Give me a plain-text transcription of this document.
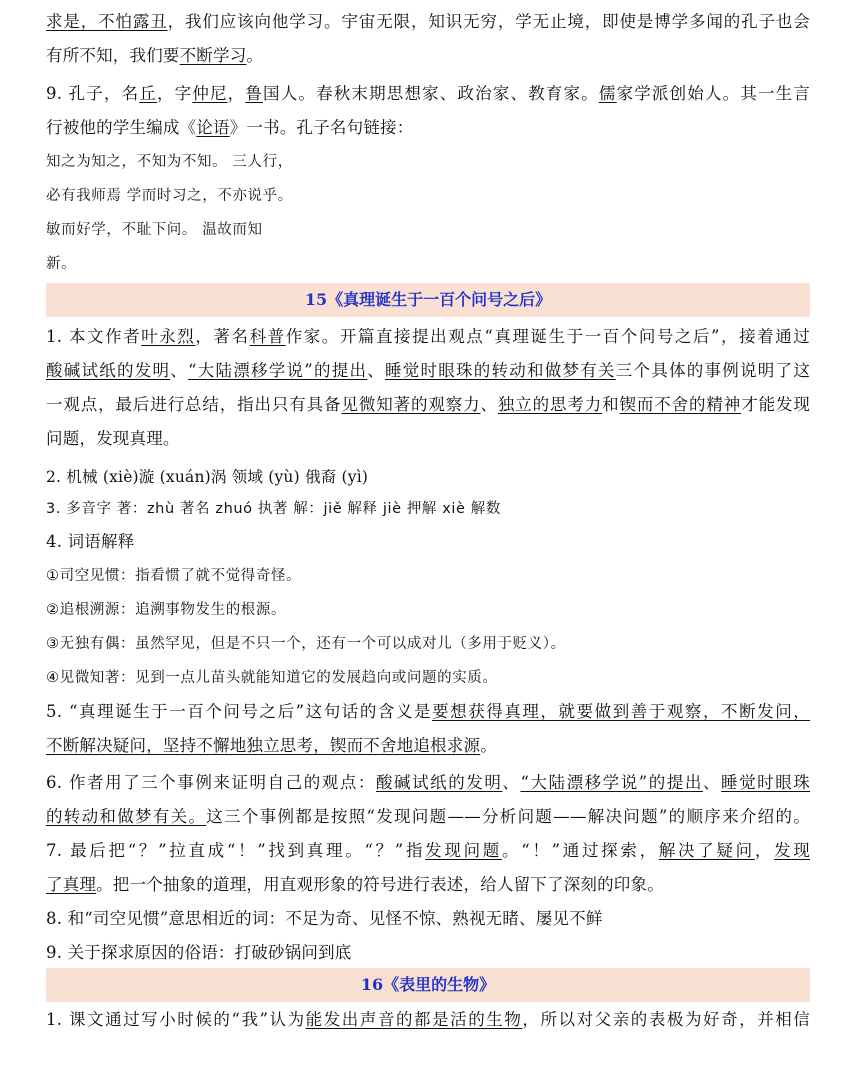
求是，不怕露丑，我们应该向他学习。宇宙无限，知识无穷，学无止境，即使是博学多闻的孔子也会
有所不知，我们要不断学习。
9. 孔子，名丘，字仲尼，鲁国人。春秋末期思想家、政治家、教育家。儒家学派创始人。其一生言
行被他的学生编成《论语》一书。孔子名句链接：
知之为知之，不知为不知。 三人行，
必有我师焉 学而时习之，不亦说乎。
敏而好学，不耻下问。 温故而知
新。
15《真理诞生于一百个问号之后》
1. 本文作者叶永烈，著名科普作家。开篇直接提出观点“真理诞生于一百个问号之后”，接着通过
酸碱试纸的发明、“大陆漂移学说”的提出、睡觉时眼珠的转动和做梦有关三个具体的事例说明了这
一观点，最后进行总结，指出只有具备见微知著的观察力、独立的思考力和锲而不舍的精神才能发现
问题，发现真理。
2. 机械 (xiè)漩 (xuán)涡 领域 (yù) 俄裔 (yì)
3. 多音字 著：zhù 著名 zhuó 执著 解：jiě 解释 jiè 押解 xiè 解数
4. 词语解释
①司空见惯：指看惯了就不觉得奇怪。
②追根溯源：追溯事物发生的根源。
③无独有偶：虽然罕见，但是不只一个，还有一个可以成对儿（多用于贬义）。
④见微知著：见到一点儿苗头就能知道它的发展趋向或问题的实质。
5. “真理诞生于一百个问号之后”这句话的含义是要想获得真理，就要做到善于观察，不断发问，
不断解决疑问，坚持不懈地独立思考，锲而不舍地追根求源。
6. 作者用了三个事例来证明自己的观点：酸碱试纸的发明、“大陆漂移学说”的提出、睡觉时眼珠
的转动和做梦有关。这三个事例都是按照“发现问题——分析问题——解决问题”的顺序来介绍的。
7. 最后把“？”拉直成“！”找到真理。“？”指发现问题。“！”通过探索，解决了疑问，发现
了真理。把一个抽象的道理，用直观形象的符号进行表述，给人留下了深刻的印象。
8. 和“司空见惯”意思相近的词：不足为奇、见怪不惊、熟视无睹、屡见不鲜
9. 关于探求原因的俗语：打破砂锅问到底
16《表里的生物》
1. 课文通过写小时候的“我”认为能发出声音的都是活的生物，所以对父亲的表极为好奇，并相信
